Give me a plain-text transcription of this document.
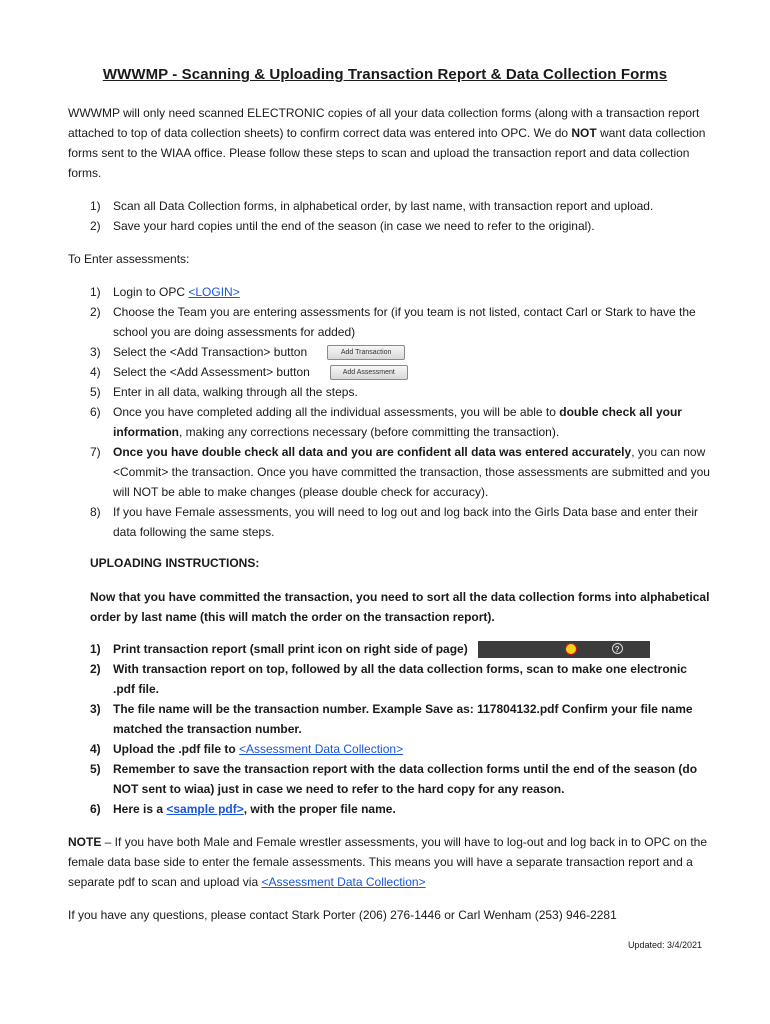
WWWMP - Scanning & Uploading Transaction Report & Data Collection Forms
WWWMP will only need scanned ELECTRONIC copies of all your data collection forms (along with a transaction report attached to top of data collection sheets) to confirm correct data was entered into OPC. We do NOT want data collection forms sent to the WIAA office. Please follow these steps to scan and upload the transaction report and data collection forms.
1) Scan all Data Collection forms, in alphabetical order, by last name, with transaction report and upload.
2) Save your hard copies until the end of the season (in case we need to refer to the original).
To Enter assessments:
1) Login to OPC <LOGIN>
2) Choose the Team you are entering assessments for (if you team is not listed, contact Carl or Stark to have the school you are doing assessments for added)
3) Select the <Add Transaction> button	Add Transaction
4) Select the <Add Assessment> button	Add Assessment
5) Enter in all data, walking through all the steps.
6) Once you have completed adding all the individual assessments, you will be able to double check all your information, making any corrections necessary (before committing the transaction).
7) Once you have double check all data and you are confident all data was entered accurately, you can now <Commit> the transaction. Once you have committed the transaction, those assessments are submitted and you will NOT be able to make changes (please double check for accuracy).
8) If you have Female assessments, you will need to log out and log back into the Girls Data base and enter their data following the same steps.
UPLOADING INSTRUCTIONS:
Now that you have committed the transaction, you need to sort all the data collection forms into alphabetical order by last name (this will match the order on the transaction report).
1) Print transaction report (small print icon on right side of page)	?
2) With transaction report on top, followed by all the data collection forms, scan to make one electronic .pdf file.
3) The file name will be the transaction number. Example Save as: 117804132.pdf Confirm your file name matched the transaction number.
4) Upload the .pdf file to <Assessment Data Collection>
5) Remember to save the transaction report with the data collection forms until the end of the season (do NOT sent to wiaa) just in case we need to refer to the hard copy for any reason.
6) Here is a <sample pdf>, with the proper file name.
NOTE – If you have both Male and Female wrestler assessments, you will have to log-out and log back in to OPC on the female data base side to enter the female assessments. This means you will have a separate transaction report and a separate pdf to scan and upload via <Assessment Data Collection>
If you have any questions, please contact Stark Porter (206) 276-1446 or Carl Wenham (253) 946-2281
Updated: 3/4/2021
